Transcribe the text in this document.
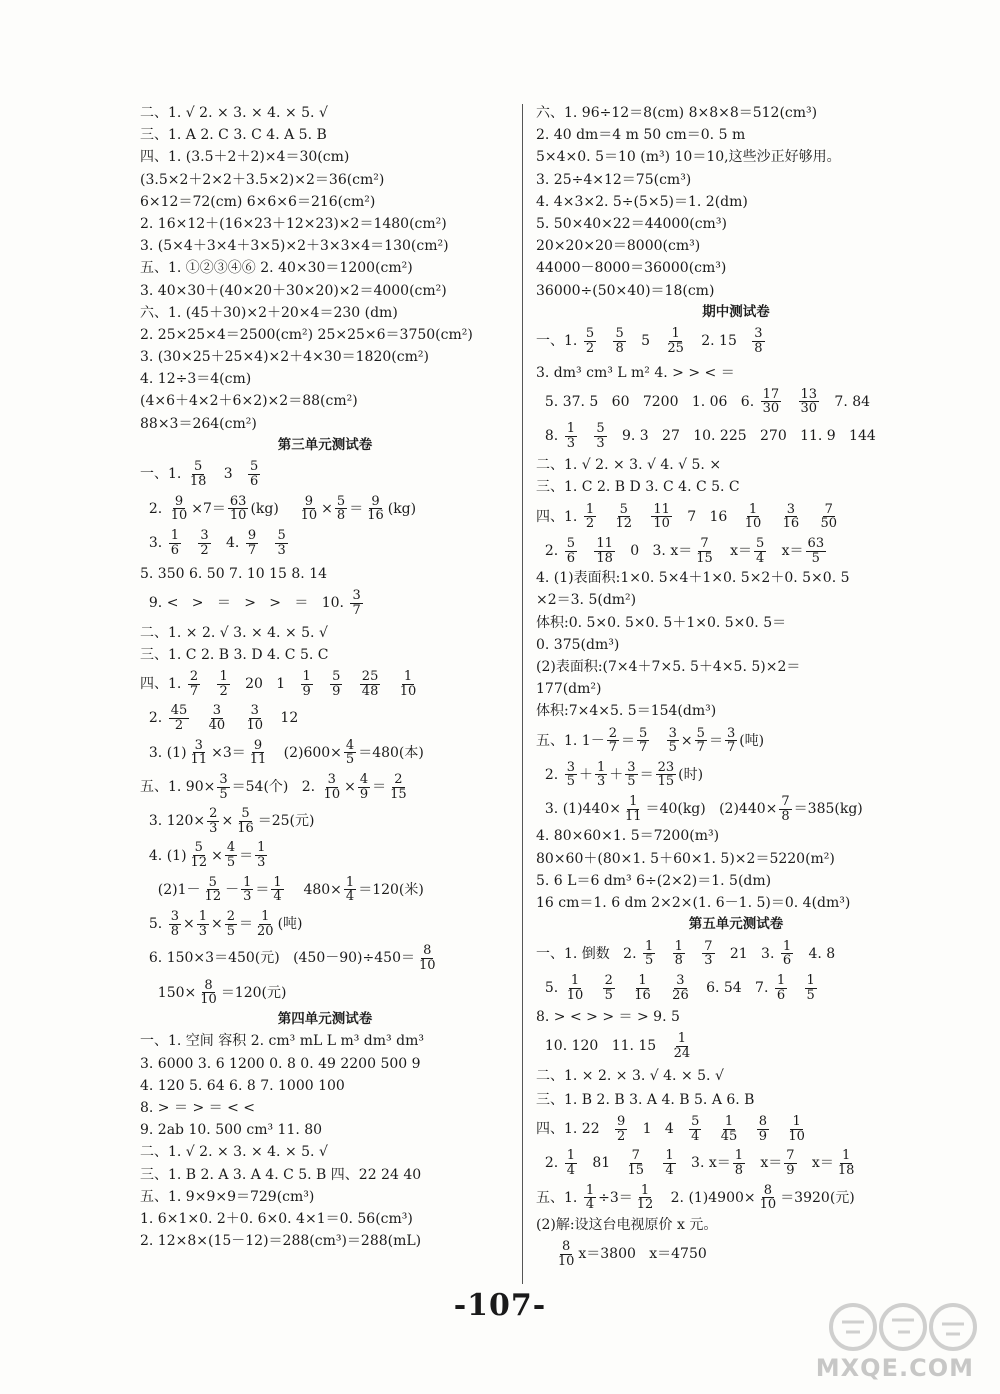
二、1. √ 2. × 3. × 4. × 5. √
三、1. A 2. C 3. C 4. A 5. B
四、1. (3.5＋2＋2)×4＝30(cm)
(3.5×2＋2×2＋3.5×2)×2＝36(cm²)
6×12＝72(cm) 6×6×6＝216(cm²)
2. 16×12＋(16×23＋12×23)×2＝1480(cm²)
3. (5×4＋3×4＋3×5)×2＋3×3×4＝130(cm²)
五、1. ①②③④⑥ 2. 40×30＝1200(cm²)
3. 40×30＋(40×20＋30×20)×2＝4000(cm²)
六、1. (45＋30)×2＋20×4＝230 (dm)
2. 25×25×4＝2500(cm²) 25×25×6＝3750(cm²)
3. (30×25＋25×4)×2＋4×30＝1820(cm²)
4. 12÷3＝4(cm)
(4×6＋4×2＋6×2)×2＝88(cm²)
88×3＝264(cm²)
第三单元测试卷
一、1. $\frac{5}{18} 3 \frac{5}{6}$
2. $\frac{9}{10} \times 7= \frac{63}{10} (kg) \frac{9}{10} \times \frac{5}{8} = \frac{9}{16} (kg)$
3. $\frac{1}{6}$
$\frac{3}{2} 4$. $\frac{9}{7}$
$\frac{5}{3}$
5. 350 6. 50 7. 10 15 8. 14
9. <   >   ＝   >   >   ＝   10. $\frac{3}{7}$
二、1. × 2. √ 3. × 4. × 5. √
三、1. C 2. B 3. D 4. C 5. C
四、1. $\frac{2}{7}$
$\frac{1}{2} 20$   $1 \frac{1}{9}$
$\frac{5}{9}$
$\frac{25}{48}$
$\frac{1}{10}$
2. $\frac{45}{2}$
$\frac{3}{40}$
$\frac{3}{10} 12$
3. $(1) \frac{3}{11} \times 3= \frac{9}{11} (2)600\times \frac{4}{5} =480$(本)
五、1. $90\times \frac{3}{5} =54$(个)   2. $\frac{3}{10} \times \frac{4}{9} = \frac{2}{15}$
3. $120\times \frac{2}{3} \times \frac{5}{16} =25$(元)
4. $(1) \frac{5}{12} \times \frac{4}{5} = \frac{1}{3}$
$(2)1- \frac{5}{12} - \frac{1}{3} = \frac{1}{4} 480\times \frac{1}{4} =120$(米)
5. $\frac{3}{8} \times \frac{1}{3} \times \frac{2}{5} = \frac{1}{20}$ (吨)
6. 150×3＝450(元)   $(450-90)\div 450= \frac{8}{10}$
$150\times \frac{8}{10} =120$(元)
第四单元测试卷
一、1. 空间 容积 2. cm³ mL L m³ dm³ dm³
3. 6000 3. 6 1200 0. 8 0. 49 2200 500 9
4. 120 5. 64 6. 8 7. 1000 100
8. > ＝ > ＝ < <
9. 2ab 10. 500 cm³ 11. 80
二、1. √ 2. × 3. × 4. × 5. √
三、1. B 2. A 3. A 4. C 5. B 四、22 24 40
五、1. 9×9×9＝729(cm³)
1. 6×1×0. 2＋0. 6×0. 4×1＝0. 56(cm³)
2. 12×8×(15－12)＝288(cm³)＝288(mL)
六、1. 96÷12＝8(cm) 8×8×8＝512(cm³)
2. 40 dm＝4 m 50 cm＝0. 5 m
5×4×0. 5＝10 (m³) 10＝10,这些沙正好够用。
3. 25÷4×12＝75(cm³)
4. 4×3×2. 5÷(5×5)＝1. 2(dm)
5. 50×40×22＝44000(cm³)
20×20×20＝8000(cm³)
44000－8000＝36000(cm³)
36000÷(50×40)＝18(cm)
期中测试卷
一、1. $\frac{5}{2}$
$\frac{5}{8} 5 \frac{1}{25} 2$. $15 \frac{3}{8}$
3. dm³ cm³ L m² 4. > > < ＝
5. 37. 5   60   7200   1. 06   6. $\frac{17}{30}$
$\frac{13}{30} 7$. 84
8. $\frac{1}{3}$
$\frac{5}{3} 9$. 3   27   10. 225   270   11. 9   144
二、1. √ 2. × 3. √ 4. √ 5. ×
三、1. C 2. B D 3. C 4. C 5. C
四、1. $\frac{1}{2}$
$\frac{5}{12}$
$\frac{11}{10} 7$   $16 \frac{1}{10}$
$\frac{3}{16}$
$\frac{7}{50}$
2. $\frac{5}{6}$
$\frac{11}{18} 0$   3. $x= \frac{7}{15} x= \frac{5}{4} x= \frac{63}{5}$
4. (1)表面积:1×0. 5×4＋1×0. 5×2＋0. 5×0. 5
×2＝3. 5(dm²)
体积:0. 5×0. 5×0. 5＋1×0. 5×0. 5＝
0. 375(dm³)
(2)表面积:(7×4＋7×5. 5＋4×5. 5)×2＝
177(dm²)
体积:7×4×5. 5＝154(dm³)
五、1. $1- \frac{2}{7} = \frac{5}{7}$
$\frac{3}{5} \times \frac{5}{7} = \frac{3}{7}$ (吨)
2. $\frac{3}{5} + \frac{1}{3} + \frac{3}{5} = \frac{23}{15}$ (时)
3. $(1)440\times \frac{1}{11} =40(kg)$   $(2)440\times \frac{7}{8} =385(kg)$
4. 80×60×1. 5＝7200(m³)
80×60＋(80×1. 5＋60×1. 5)×2＝5220(m²)
5. 6 L＝6 dm³ 6÷(2×2)＝1. 5(dm)
16 cm＝1. 6 dm 2×2×(1. 6－1. 5)＝0. 4(dm³)
第五单元测试卷
一、1. 倒数   2. $\frac{1}{5}$
$\frac{1}{8}$
$\frac{7}{3} 21$   3. $\frac{1}{6} 4$. 8
5. $\frac{1}{10}$
$\frac{2}{5}$
$\frac{1}{16}$
$\frac{3}{26} 6$. 54   7. $\frac{1}{6}$
$\frac{1}{5}$
8. > < > > ＝ > 9. 5
10. 120   11. $15 \frac{1}{24}$
二、1. × 2. × 3. √ 4. × 5. √
三、1. B 2. B 3. A 4. B 5. A 6. B
四、1. $22 \frac{9}{2} 1$   $4 \frac{5}{4}$
$\frac{1}{45}$
$\frac{8}{9}$
$\frac{1}{10}$
2. $\frac{1}{4} 81 \frac{7}{15}$
$\frac{1}{4} 3$. $x= \frac{1}{8} x= \frac{7}{9} x= \frac{1}{18}$
五、1. $\frac{1}{4} \div 3= \frac{1}{12} 2$. $(1)4900\times \frac{8}{10} =3920$(元)
(2)解:设这台电视原价 x 元。

$\frac{8}{10} x=3800$   x＝4750
-107-
MXQE.COM
